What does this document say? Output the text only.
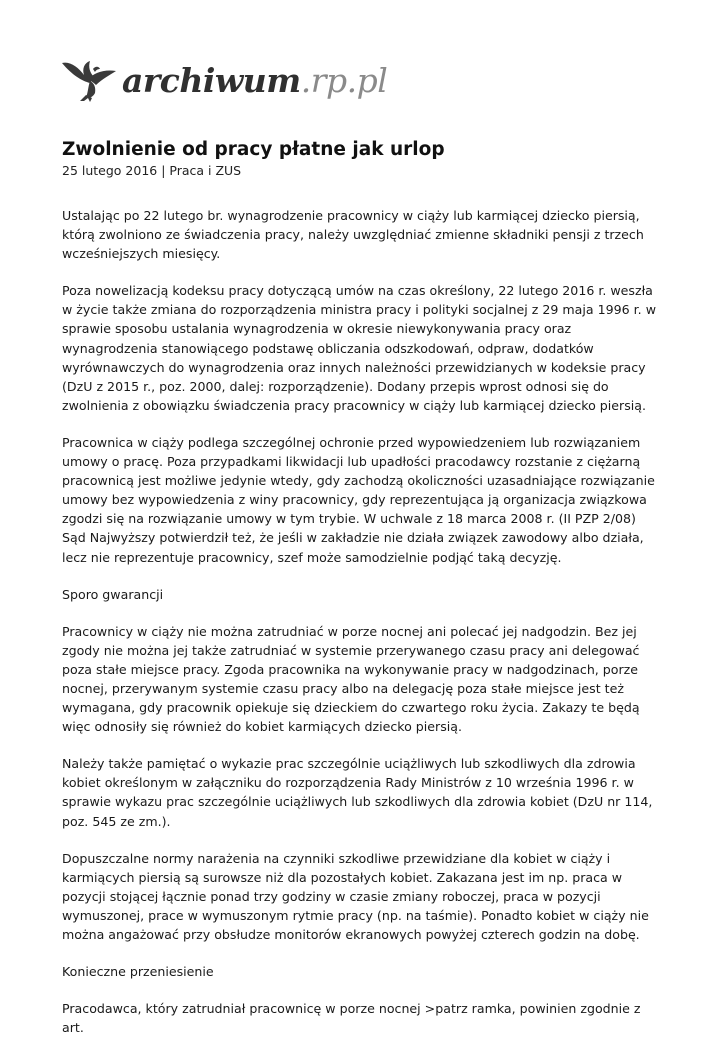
archiwum.rp.pl
Zwolnienie od pracy płatne jak urlop
25 lutego 2016 | Praca i ZUS

Ustalając po 22 lutego br. wynagrodzenie pracownicy w ciąży lub karmiącej dziecko piersią, którą zwolniono ze świadczenia pracy, należy uwzględniać zmienne składniki pensji z trzech wcześniejszych miesięcy.

Poza nowelizacją kodeksu pracy dotyczącą umów na czas określony, 22 lutego 2016 r. weszła w życie także zmiana do rozporządzenia ministra pracy i polityki socjalnej z 29 maja 1996 r. w sprawie sposobu ustalania wynagrodzenia w okresie niewykonywania pracy oraz wynagrodzenia stanowiącego podstawę obliczania odszkodowań, odpraw, dodatków wyrównawczych do wynagrodzenia oraz innych należności przewidzianych w kodeksie pracy (DzU z 2015 r., poz. 2000, dalej: rozporządzenie). Dodany przepis wprost odnosi się do zwolnienia z obowiązku świadczenia pracy pracownicy w ciąży lub karmiącej dziecko piersią.

Pracownica w ciąży podlega szczególnej ochronie przed wypowiedzeniem lub rozwiązaniem umowy o pracę. Poza przypadkami likwidacji lub upadłości pracodawcy rozstanie z ciężarną pracownicą jest możliwe jedynie wtedy, gdy zachodzą okoliczności uzasadniające rozwiązanie umowy bez wypowiedzenia z winy pracownicy, gdy reprezentująca ją organizacja związkowa zgodzi się na rozwiązanie umowy w tym trybie. W uchwale z 18 marca 2008 r. (II PZP 2/08) Sąd Najwyższy potwierdził też, że jeśli w zakładzie nie działa związek zawodowy albo działa, lecz nie reprezentuje pracownicy, szef może samodzielnie podjąć taką decyzję.

Sporo gwarancji

Pracownicy w ciąży nie można zatrudniać w porze nocnej ani polecać jej nadgodzin. Bez jej zgody nie można jej także zatrudniać w systemie przerywanego czasu pracy ani delegować poza stałe miejsce pracy. Zgoda pracownika na wykonywanie pracy w nadgodzinach, porze nocnej, przerywanym systemie czasu pracy albo na delegację poza stałe miejsce jest też wymagana, gdy pracownik opiekuje się dzieckiem do czwartego roku życia. Zakazy te będą więc odnosiły się również do kobiet karmiących dziecko piersią.

Należy także pamiętać o wykazie prac szczególnie uciążliwych lub szkodliwych dla zdrowia kobiet określonym w załączniku do rozporządzenia Rady Ministrów z 10 września 1996 r. w sprawie wykazu prac szczególnie uciążliwych lub szkodliwych dla zdrowia kobiet (DzU nr 114, poz. 545 ze zm.).

Dopuszczalne normy narażenia na czynniki szkodliwe przewidziane dla kobiet w ciąży i karmiących piersią są surowsze niż dla pozostałych kobiet. Zakazana jest im np. praca w pozycji stojącej łącznie ponad trzy godziny w czasie zmiany roboczej, praca w pozycji wymuszonej, prace w wymuszonym rytmie pracy (np. na taśmie). Ponadto kobiet w ciąży nie można angażować przy obsłudze monitorów ekranowych powyżej czterech godzin na dobę.

Konieczne przeniesienie

Pracodawca, który zatrudniał pracownicę w porze nocnej >patrz ramka, powinien zgodnie z art.
